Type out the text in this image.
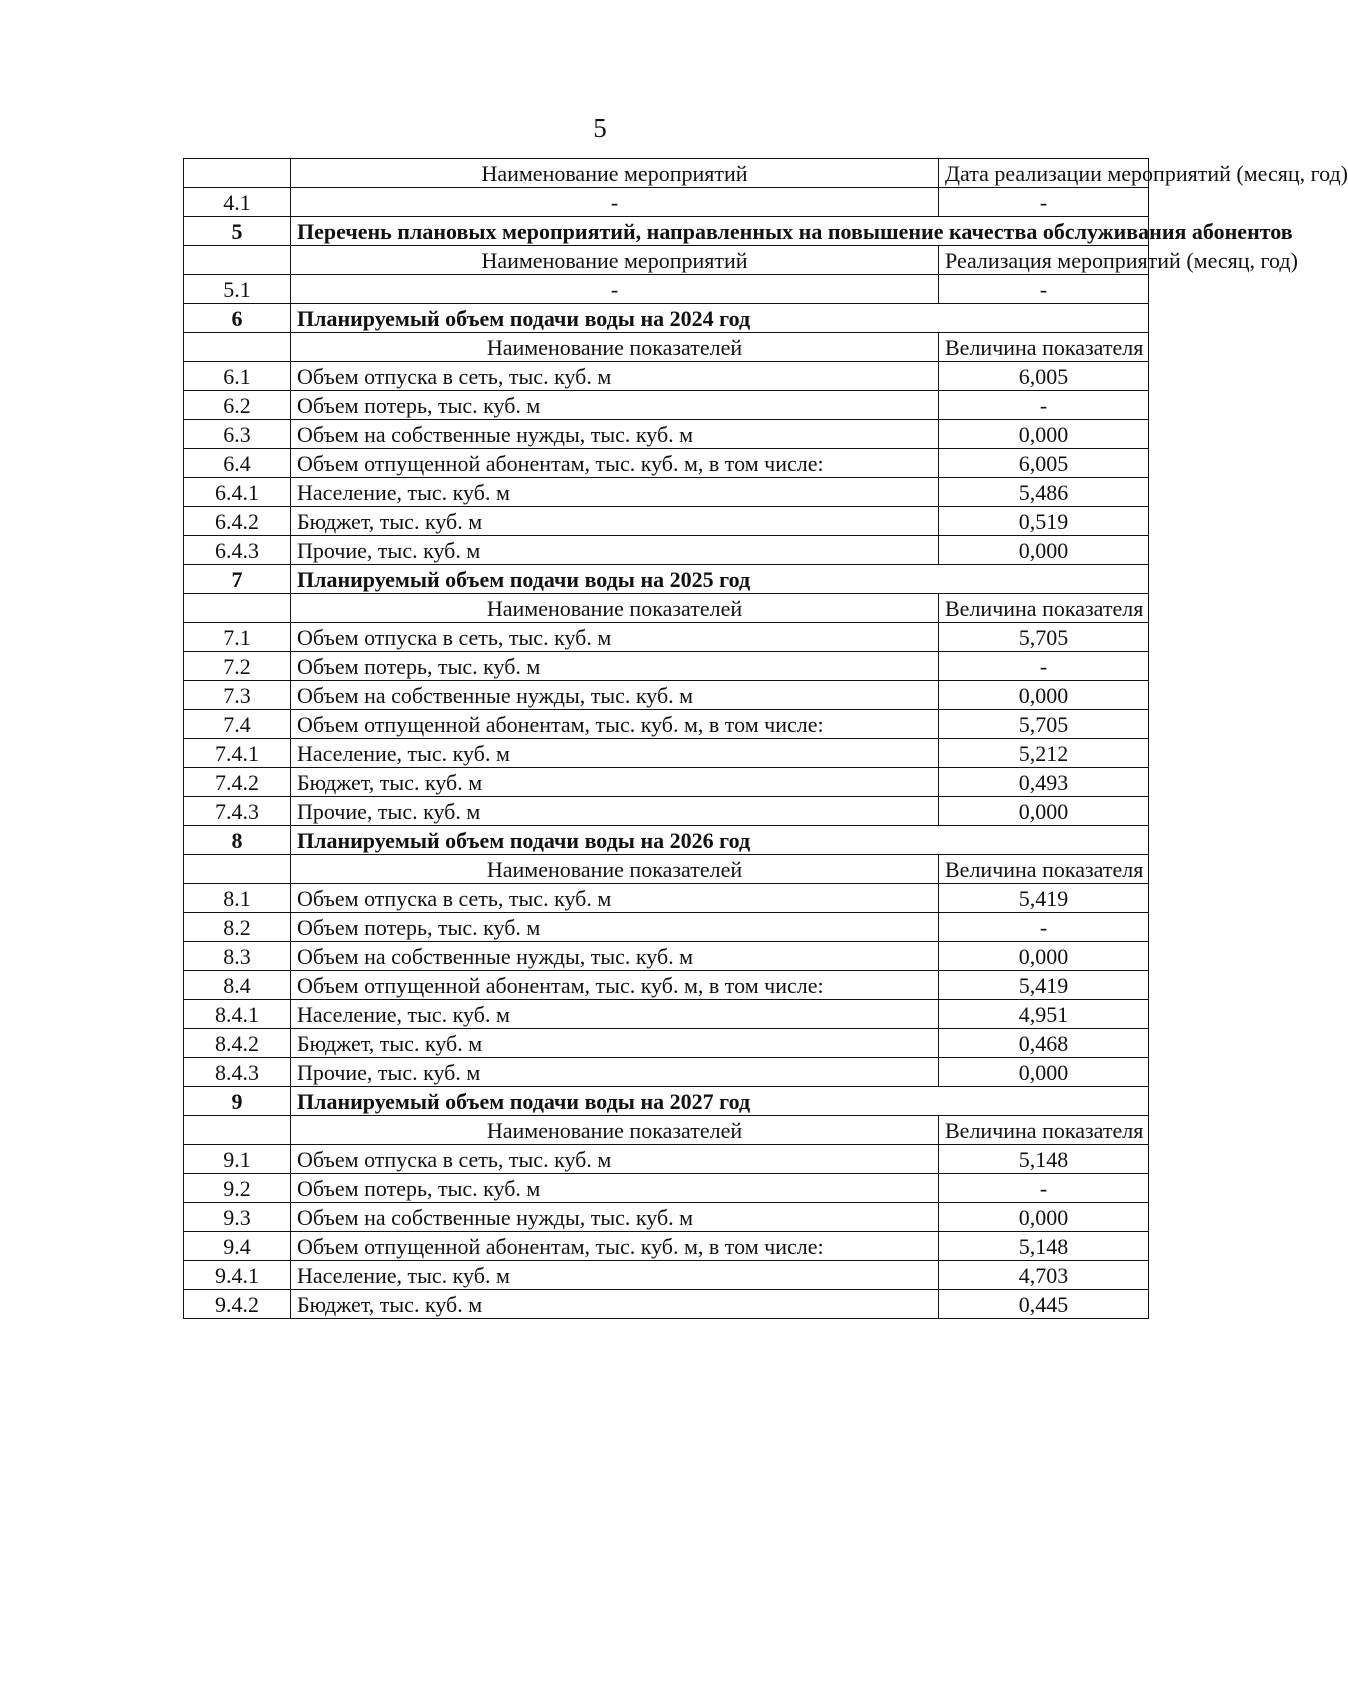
5
	Наименование мероприятий	Дата реализации мероприятий (месяц, год)
4.1	-	-
5	Перечень плановых мероприятий, направленных на повышение качества обслуживания абонентов	
	Наименование мероприятий	Реализация мероприятий (месяц, год)
5.1	-	-
6	Планируемый объем подачи воды на 2024 год	
	Наименование показателей	Величина показателя
6.1	Объем отпуска в сеть, тыс. куб. м	6,005
6.2	Объем потерь, тыс. куб. м	-
6.3	Объем на собственные нужды, тыс. куб. м	0,000
6.4	Объем отпущенной абонентам, тыс. куб. м, в том числе:	6,005
6.4.1	Население, тыс. куб. м	5,486
6.4.2	Бюджет, тыс. куб. м	0,519
6.4.3	Прочие, тыс. куб. м	0,000
7	Планируемый объем подачи воды на 2025 год	
	Наименование показателей	Величина показателя
7.1	Объем отпуска в сеть, тыс. куб. м	5,705
7.2	Объем потерь, тыс. куб. м	-
7.3	Объем на собственные нужды, тыс. куб. м	0,000
7.4	Объем отпущенной абонентам, тыс. куб. м, в том числе:	5,705
7.4.1	Население, тыс. куб. м	5,212
7.4.2	Бюджет, тыс. куб. м	0,493
7.4.3	Прочие, тыс. куб. м	0,000
8	Планируемый объем подачи воды на 2026 год	
	Наименование показателей	Величина показателя
8.1	Объем отпуска в сеть, тыс. куб. м	5,419
8.2	Объем потерь, тыс. куб. м	-
8.3	Объем на собственные нужды, тыс. куб. м	0,000
8.4	Объем отпущенной абонентам, тыс. куб. м, в том числе:	5,419
8.4.1	Население, тыс. куб. м	4,951
8.4.2	Бюджет, тыс. куб. м	0,468
8.4.3	Прочие, тыс. куб. м	0,000
9	Планируемый объем подачи воды на 2027 год	
	Наименование показателей	Величина показателя
9.1	Объем отпуска в сеть, тыс. куб. м	5,148
9.2	Объем потерь, тыс. куб. м	-
9.3	Объем на собственные нужды, тыс. куб. м	0,000
9.4	Объем отпущенной абонентам, тыс. куб. м, в том числе:	5,148
9.4.1	Население, тыс. куб. м	4,703
9.4.2	Бюджет, тыс. куб. м	0,445
